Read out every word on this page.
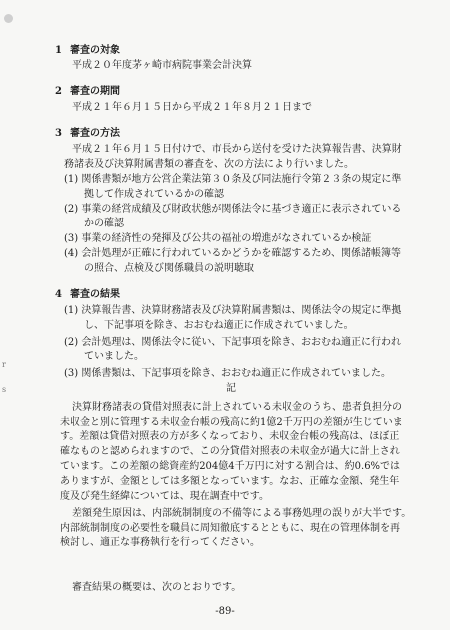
r
s
1 審査の対象
平成２０年度茅ヶ崎市病院事業会計決算
2 審査の期間
平成２１年６月１５日から平成２１年８月２１日まで
3 審査の方法
平成２１年６月１５日付けで、市長から送付を受けた決算報告書、決算財
務諸表及び決算附属書類の審査を、次の方法により行いました。
(1) 関係書類が地方公営企業法第３０条及び同法施行令第２３条の規定に準
拠して作成されているかの確認
(2) 事業の経営成績及び財政状態が関係法令に基づき適正に表示されている
かの確認
(3) 事業の経済性の発揮及び公共の福祉の増進がなされているか検証
(4) 会計処理が正確に行われているかどうかを確認するため、関係諸帳簿等
の照合、点検及び関係職員の説明聴取
4 審査の結果
(1) 決算報告書、決算財務諸表及び決算附属書類は、関係法令の規定に準拠
し、下記事項を除き、おおむね適正に作成されていました。
(2) 会計処理は、関係法令に従い、下記事項を除き、おおむね適正に行われ
ていました。
(3) 関係書類は、下記事項を除き、おおむね適正に作成されていました。
記
決算財務諸表の貸借対照表に計上されている未収金のうち、患者負担分の
未収金と別に管理する未収金台帳の残高に約1億2千万円の差額が生じていま
す。差額は貸借対照表の方が多くなっており、未収金台帳の残高は、ほぼ正
確なものと認められますので、この分貸借対照表の未収金が過大に計上され
ています。この差額の総資産約204億4千万円に対する割合は、約0.6%では
ありますが、金額としては多額となっています。なお、正確な金額、発生年
度及び発生経緯については、現在調査中です。
差額発生原因は、内部統制制度の不備等による事務処理の誤りが大半です。
内部統制制度の必要性を職員に周知徹底するとともに、現在の管理体制を再
検討し、適正な事務執行を行ってください。
審査結果の概要は、次のとおりです。
-89-
